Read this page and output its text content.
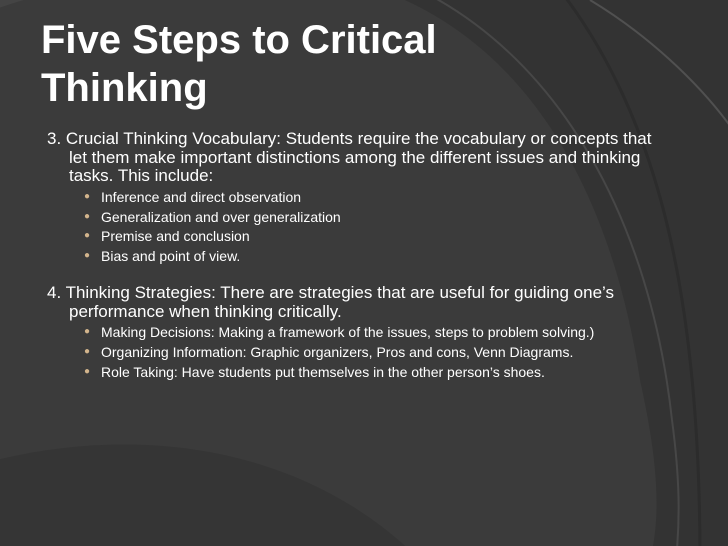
Five Steps to Critical Thinking

3. Crucial Thinking Vocabulary: Students require the vocabulary or concepts that let them make important distinctions among the different issues and thinking tasks. This include:

● Inference and direct observation
● Generalization and over generalization
● Premise and conclusion
● Bias and point of view.

4. Thinking Strategies: There are strategies that are useful for guiding one’s performance when thinking critically.

● Making Decisions: Making a framework of the issues, steps to problem solving.)
● Organizing Information: Graphic organizers, Pros and cons, Venn Diagrams.
● Role Taking: Have students put themselves in the other person’s shoes.
